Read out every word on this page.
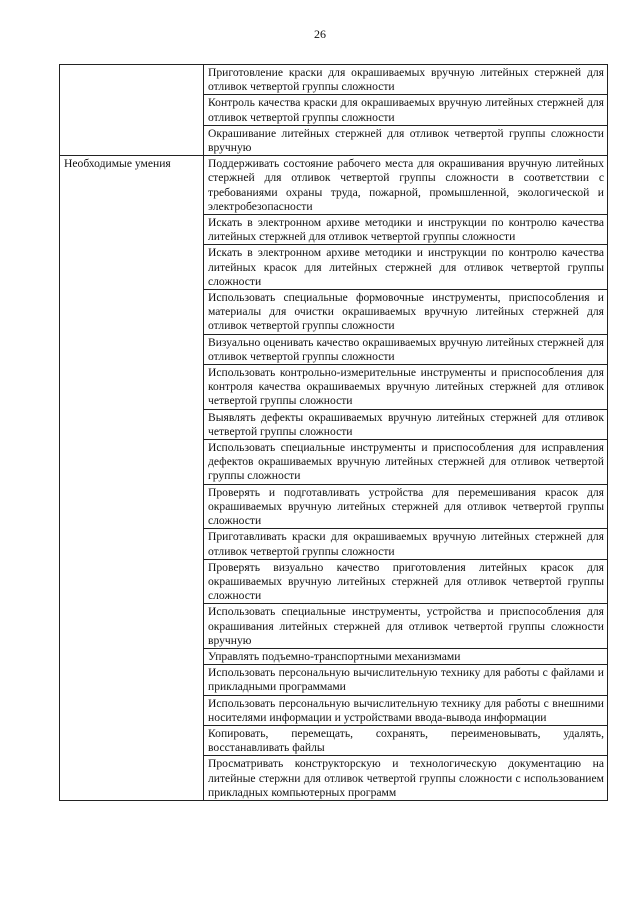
26
	Приготовление краски для окрашиваемых вручную литейных стержней для отливок четвертой группы сложности
	Контроль качества краски для окрашиваемых вручную литейных стержней для отливок четвертой группы сложности
	Окрашивание литейных стержней для отливок четвертой группы сложности вручную
Необходимые умения	Поддерживать состояние рабочего места для окрашивания вручную литейных стержней для отливок четвертой группы сложности в соответствии с требованиями охраны труда, пожарной, промышленной, экологической и электробезопасности
	Искать в электронном архиве методики и инструкции по контролю качества литейных стержней для отливок четвертой группы сложности
	Искать в электронном архиве методики и инструкции по контролю качества литейных красок для литейных стержней для отливок четвертой группы сложности
	Использовать специальные формовочные инструменты, приспособления и материалы для очистки окрашиваемых вручную литейных стержней для отливок четвертой группы сложности
	Визуально оценивать качество окрашиваемых вручную литейных стержней для отливок четвертой группы сложности
	Использовать контрольно-измерительные инструменты и приспособления для контроля качества окрашиваемых вручную литейных стержней для отливок четвертой группы сложности
	Выявлять дефекты окрашиваемых вручную литейных стержней для отливок четвертой группы сложности
	Использовать специальные инструменты и приспособления для исправления дефектов окрашиваемых вручную литейных стержней для отливок четвертой группы сложности
	Проверять и подготавливать устройства для перемешивания красок для окрашиваемых вручную литейных стержней для отливок четвертой группы сложности
	Приготавливать краски для окрашиваемых вручную литейных стержней для отливок четвертой группы сложности
	Проверять визуально качество приготовления литейных красок для окрашиваемых вручную литейных стержней для отливок четвертой группы сложности
	Использовать специальные инструменты, устройства и приспособления для окрашивания литейных стержней для отливок четвертой группы сложности вручную
	Управлять подъемно-транспортными механизмами
	Использовать персональную вычислительную технику для работы с файлами и прикладными программами
	Использовать персональную вычислительную технику для работы с внешними носителями информации и устройствами ввода-вывода информации
	Копировать, перемещать, сохранять, переименовывать, удалять, восстанавливать файлы
	Просматривать конструкторскую и технологическую документацию на литейные стержни для отливок четвертой группы сложности с использованием прикладных компьютерных программ
